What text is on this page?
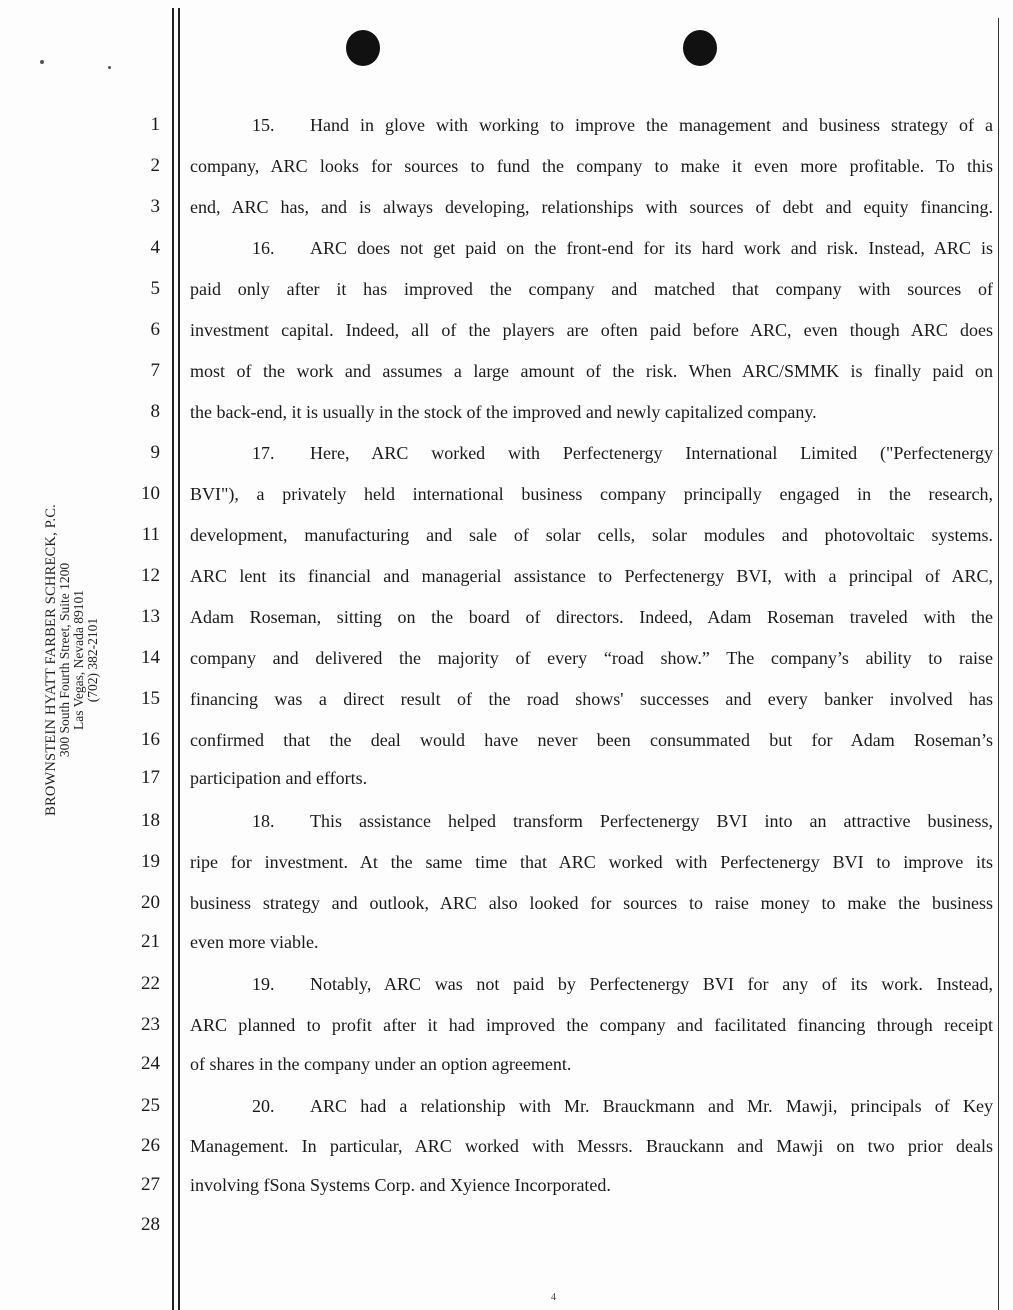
BROWNSTEIN HYATT FARBER SCHRECK, P.C.
300 South Fourth Street, Suite 1200 Las Vegas, Nevada 89101 (702) 382-2101
1
2
3
4
5
6
7
8
9
10
11
12
13
14
15
16
17
18
19
20
21
22
23
24
25
26
27
28
15. Hand in glove with working to improve the management and business strategy of a
company, ARC looks for sources to fund the company to make it even more profitable. To this
end, ARC has, and is always developing, relationships with sources of debt and equity financing.
16. ARC does not get paid on the front-end for its hard work and risk. Instead, ARC is
paid only after it has improved the company and matched that company with sources of
investment capital. Indeed, all of the players are often paid before ARC, even though ARC does
most of the work and assumes a large amount of the risk. When ARC/SMMK is finally paid on
the back-end, it is usually in the stock of the improved and newly capitalized company.
17. Here, ARC worked with Perfectenergy International Limited ("Perfectenergy
BVI"), a privately held international business company principally engaged in the research,
development, manufacturing and sale of solar cells, solar modules and photovoltaic systems.
ARC lent its financial and managerial assistance to Perfectenergy BVI, with a principal of ARC,
Adam Roseman, sitting on the board of directors. Indeed, Adam Roseman traveled with the
company and delivered the majority of every “road show.” The company’s ability to raise
financing was a direct result of the road shows' successes and every banker involved has
confirmed that the deal would have never been consummated but for Adam Roseman’s
participation and efforts.
18. This assistance helped transform Perfectenergy BVI into an attractive business,
ripe for investment. At the same time that ARC worked with Perfectenergy BVI to improve its
business strategy and outlook, ARC also looked for sources to raise money to make the business
even more viable.
19. Notably, ARC was not paid by Perfectenergy BVI for any of its work. Instead,
ARC planned to profit after it had improved the company and facilitated financing through receipt
of shares in the company under an option agreement.
20. ARC had a relationship with Mr. Brauckmann and Mr. Mawji, principals of Key
Management. In particular, ARC worked with Messrs. Brauckann and Mawji on two prior deals
involving fSona Systems Corp. and Xyience Incorporated.
4
